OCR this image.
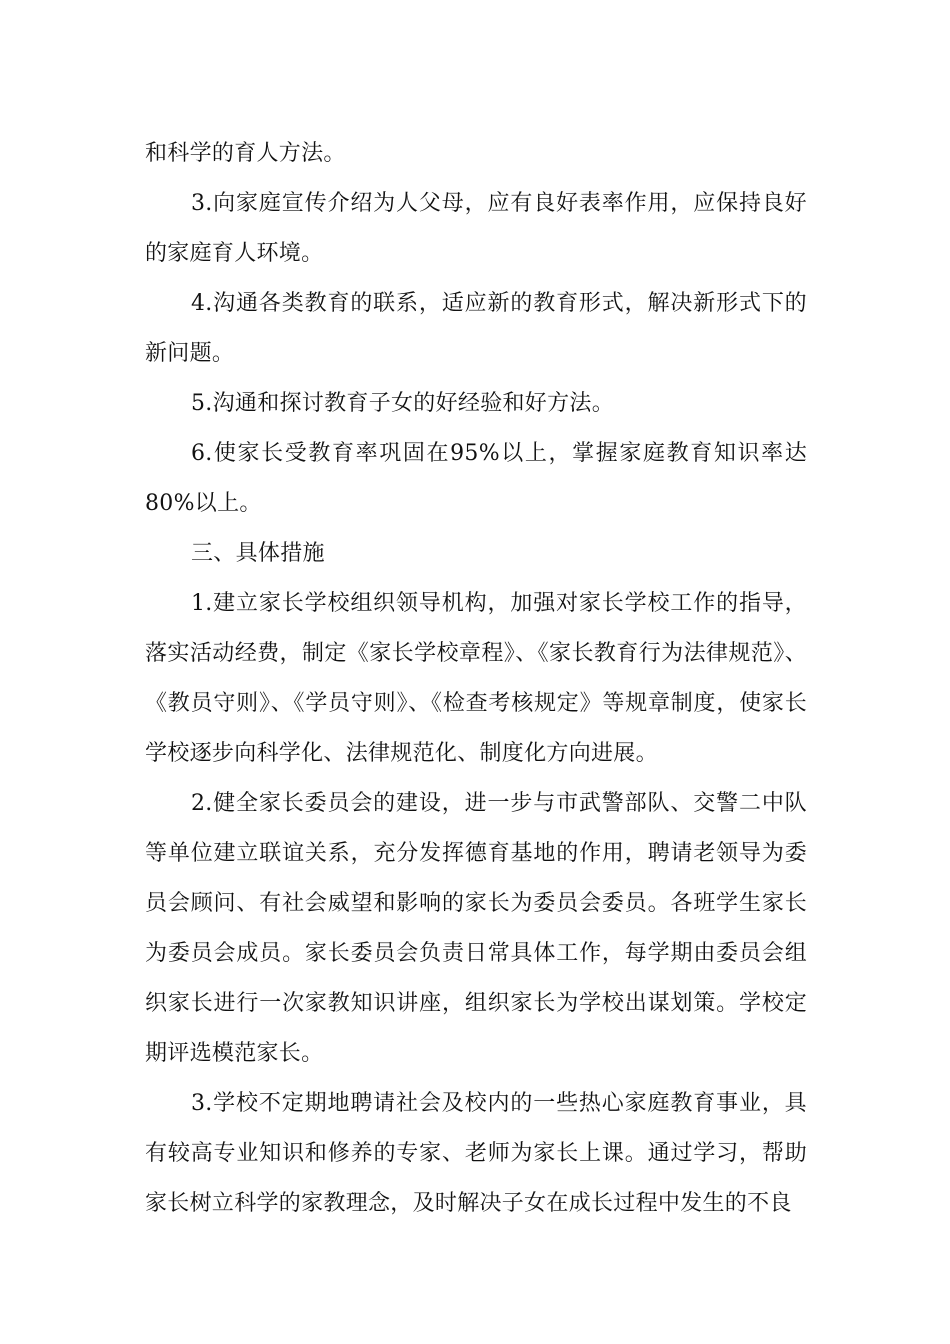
和科学的育人方法。

3.向家庭宣传介绍为人父母，应有良好表率作用，应保持良好的家庭育人环境。

4.沟通各类教育的联系，适应新的教育形式，解决新形式下的新问题。

5.沟通和探讨教育子女的好经验和好方法。

6.使家长受教育率巩固在95%以上，掌握家庭教育知识率达80%以上。

三、具体措施

1.建立家长学校组织领导机构，加强对家长学校工作的指导，落实活动经费，制定《家长学校章程》、《家长教育行为法律规范》、《教员守则》、《学员守则》、《检查考核规定》等规章制度，使家长学校逐步向科学化、法律规范化、制度化方向进展。

2.健全家长委员会的建设，进一步与市武警部队、交警二中队等单位建立联谊关系，充分发挥德育基地的作用，聘请老领导为委员会顾问、有社会威望和影响的家长为委员会委员。各班学生家长为委员会成员。家长委员会负责日常具体工作，每学期由委员会组织家长进行一次家教知识讲座，组织家长为学校出谋划策。学校定期评选模范家长。

3.学校不定期地聘请社会及校内的一些热心家庭教育事业，具有较高专业知识和修养的专家、老师为家长上课。通过学习，帮助家长树立科学的家教理念，及时解决子女在成长过程中发生的不良
